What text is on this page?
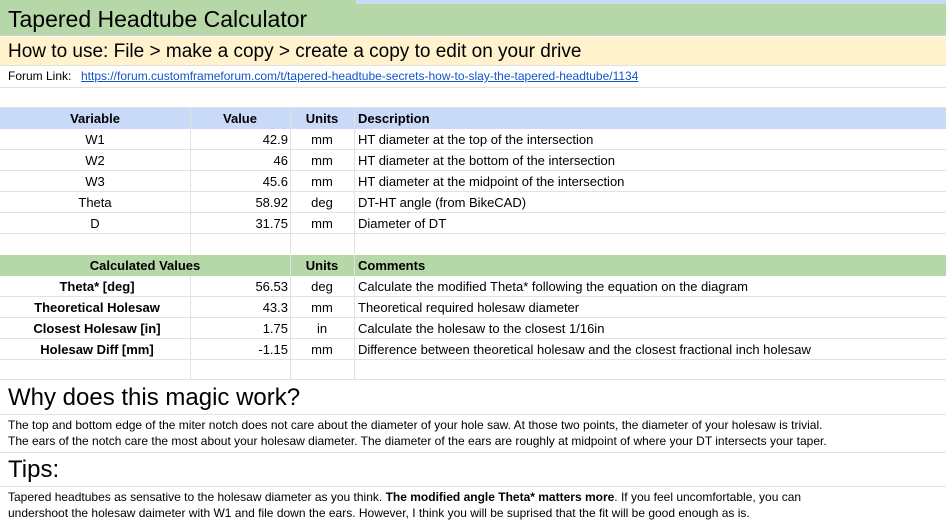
Tapered Headtube Calculator
How to use: File > make a copy > create a copy to edit on your drive
Forum Link: https://forum.customframeforum.com/t/tapered-headtube-secrets-how-to-slay-the-tapered-headtube/1134
Variable	Value	Units	Description
W1	42.9	mm	HT diameter at the top of the intersection
W2	46	mm	HT diameter at the bottom of the intersection
W3	45.6	mm	HT diameter at the midpoint of the intersection
Theta	58.92	deg	DT-HT angle (from BikeCAD)
D	31.75	mm	Diameter of DT
Calculated Values	Units	Comments
Theta* [deg]	56.53	deg	Calculate the modified Theta* following the equation on the diagram
Theoretical Holesaw	43.3	mm	Theoretical required holesaw diameter
Closest Holesaw [in]	1.75	in	Calculate the holesaw to the closest 1/16in
Holesaw Diff [mm]	-1.15	mm	Difference between theoretical holesaw and the closest fractional inch holesaw
Why does this magic work?
The top and bottom edge of the miter notch does not care about the diameter of your hole saw. At those two points, the diameter of your holesaw is trivial.
The ears of the notch care the most about your holesaw diameter. The diameter of the ears are roughly at midpoint of where your DT intersects your taper.
Tips:
Tapered headtubes as sensative to the holesaw diameter as you think. The modified angle Theta* matters more. If you feel uncomfortable, you can
undershoot the holesaw daimeter with W1 and file down the ears. However, I think you will be suprised that the fit will be good enough as is.
